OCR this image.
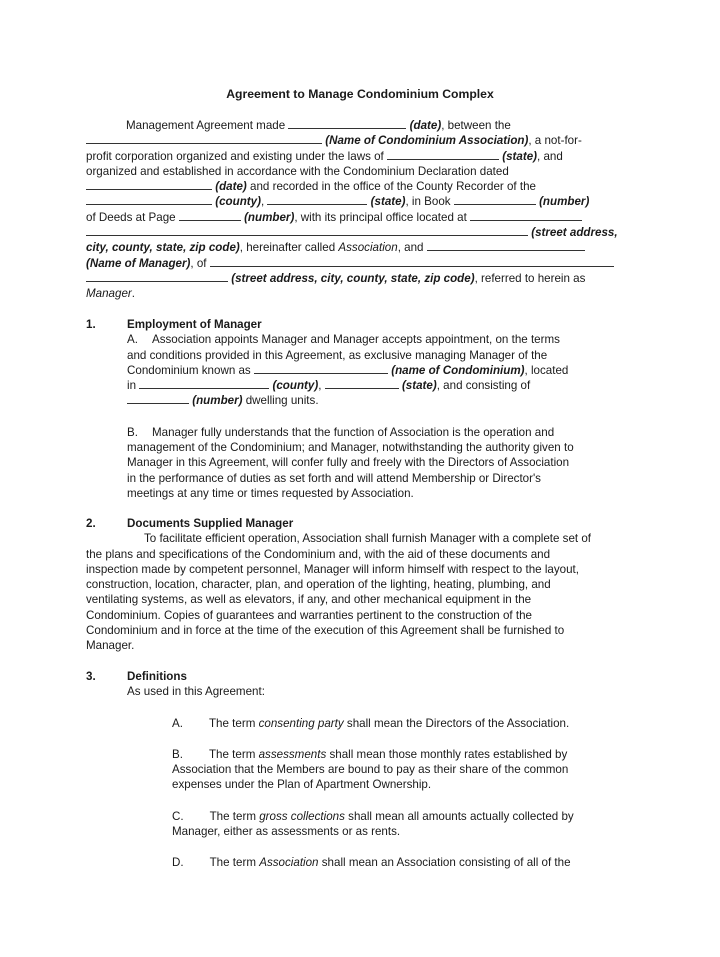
Agreement to Manage Condominium Complex

Management Agreement made	(date), between the

(Name of Condominium Association), a not-for-

profit corporation organized and existing under the laws of	(state), and

organized and established in accordance with the Condominium Declaration dated

(date) and recorded in the office of the County Recorder of the

(county),	(state), in Book	(number)

of Deeds at Page	(number), with its principal office located at

(street address,

city, county, state, zip code), hereinafter called Association, and

(Name of Manager), of

(street address, city, county, state, zip code), referred to herein as

Manager.

1.	Employment of Manager

A. Association appoints Manager and Manager accepts appointment, on the terms

and conditions provided in this Agreement, as exclusive managing Manager of the

Condominium known as	(name of Condominium), located

in	(county),	(state), and consisting of

(number) dwelling units.

B. Manager fully understands that the function of Association is the operation and

management of the Condominium; and Manager, notwithstanding the authority given to

Manager in this Agreement, will confer fully and freely with the Directors of Association

in the performance of duties as set forth and will attend Membership or Director's

meetings at any time or times requested by Association.

2.	Documents Supplied Manager

To facilitate efficient operation, Association shall furnish Manager with a complete set of

the plans and specifications of the Condominium and, with the aid of these documents and

inspection made by competent personnel, Manager will inform himself with respect to the layout,

construction, location, character, plan, and operation of the lighting, heating, plumbing, and

ventilating systems, as well as elevators, if any, and other mechanical equipment in the

Condominium. Copies of guarantees and warranties pertinent to the construction of the

Condominium and in force at the time of the execution of this Agreement shall be furnished to

Manager.

3.	Definitions

As used in this Agreement:

A. The term consenting party shall mean the Directors of the Association.

B. The term assessments shall mean those monthly rates established by

Association that the Members are bound to pay as their share of the common

expenses under the Plan of Apartment Ownership.

C. The term gross collections shall mean all amounts actually collected by

Manager, either as assessments or as rents.

D. The term Association shall mean an Association consisting of all of the
